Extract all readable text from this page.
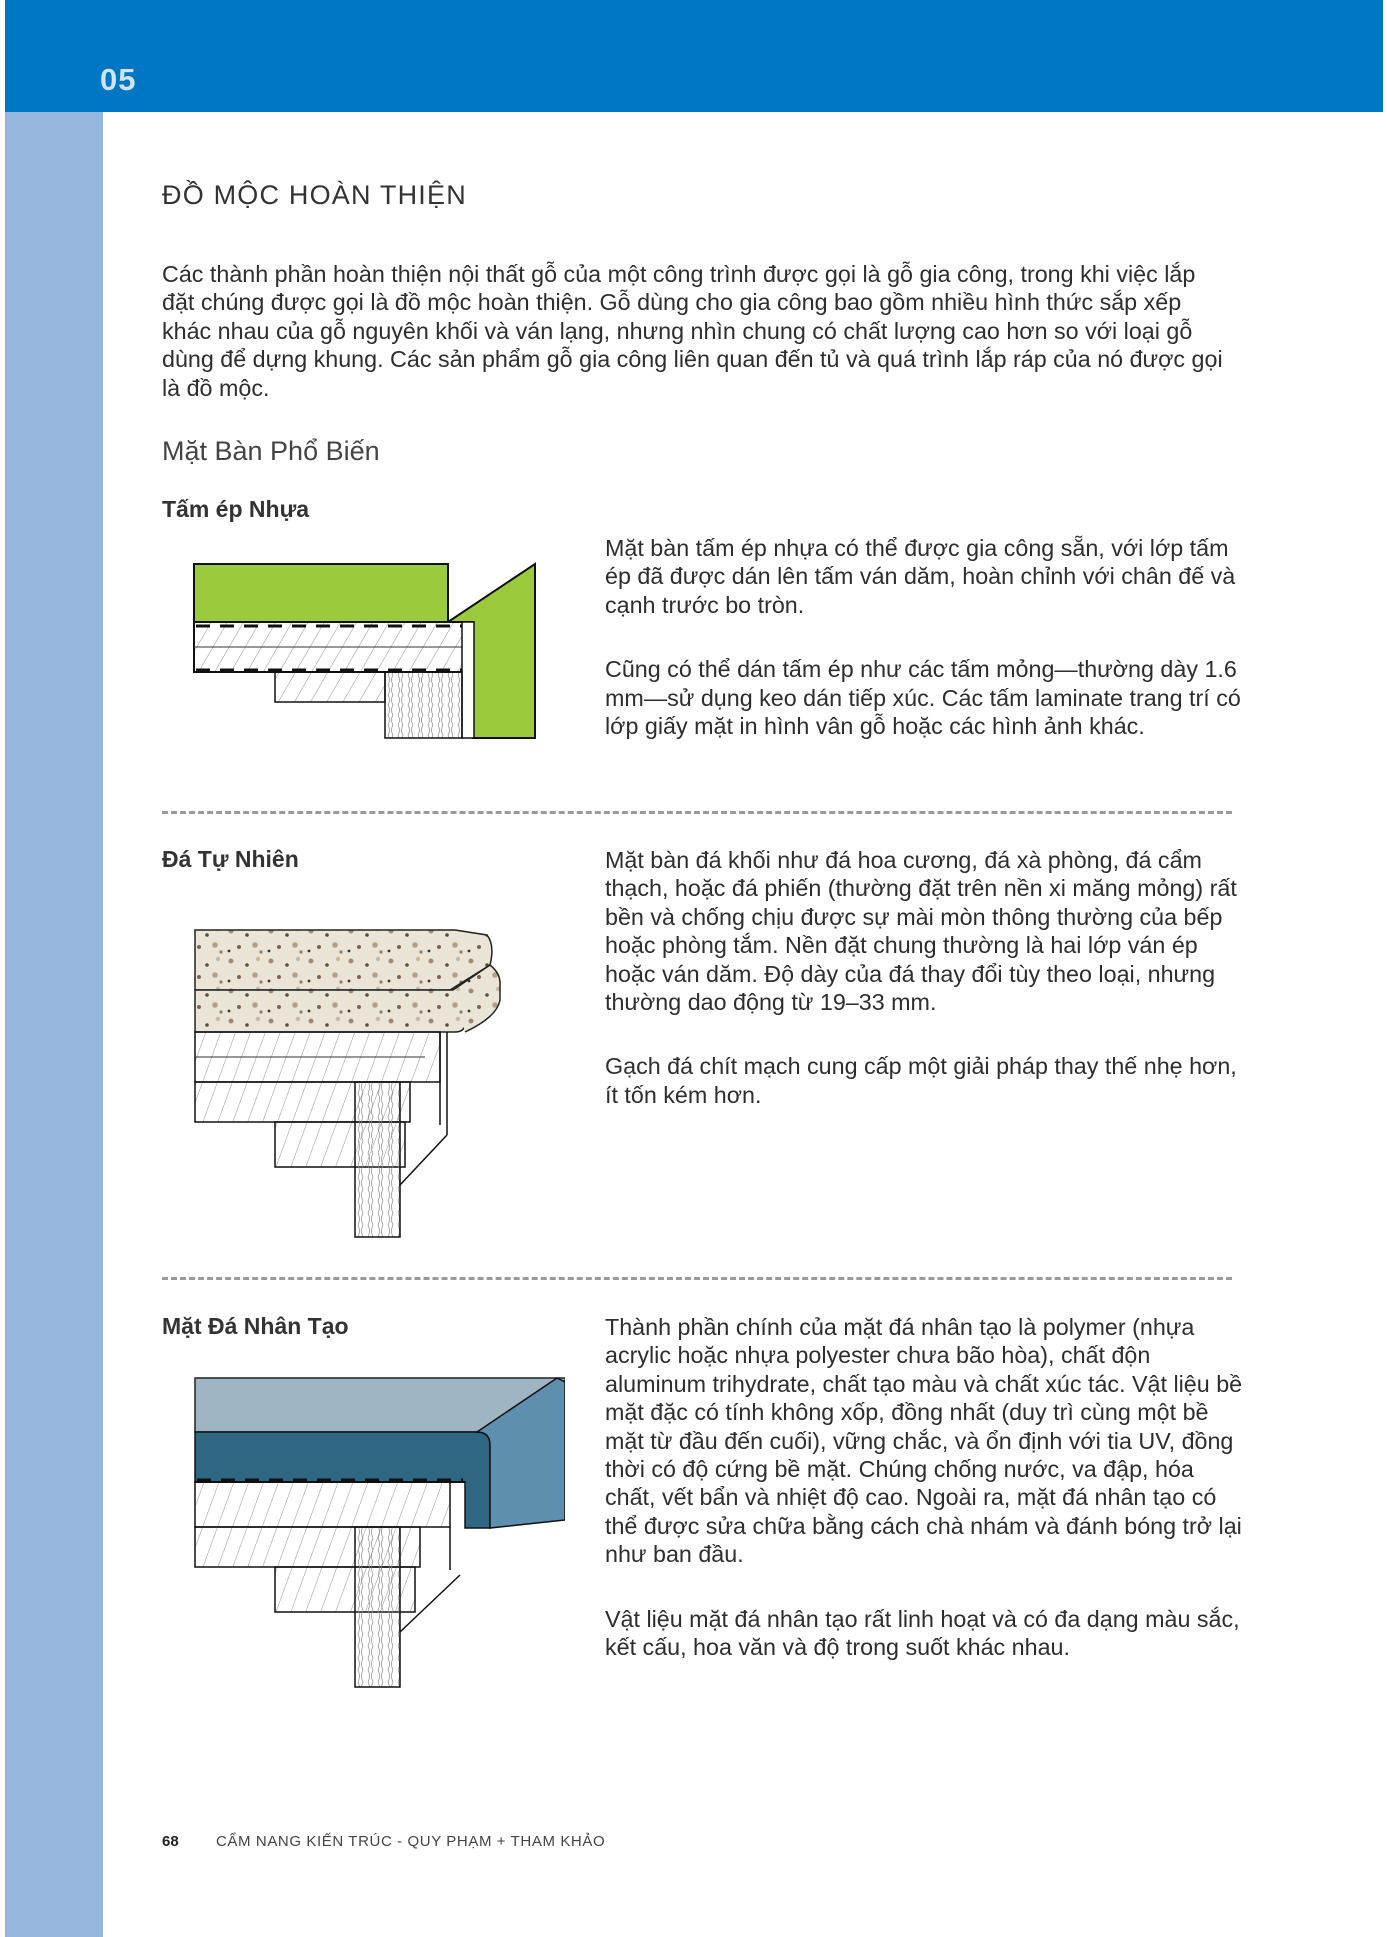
05
ĐỒ MỘC HOÀN THIỆN

Các thành phần hoàn thiện nội thất gỗ của một công trình được gọi là gỗ gia công, trong khi việc lắp đặt chúng được gọi là đồ mộc hoàn thiện. Gỗ dùng cho gia công bao gồm nhiều hình thức sắp xếp khác nhau của gỗ nguyên khối và ván lạng, nhưng nhìn chung có chất lượng cao hơn so với loại gỗ dùng để dựng khung. Các sản phẩm gỗ gia công liên quan đến tủ và quá trình lắp ráp của nó được gọi là đồ mộc.

Mặt Bàn Phổ Biến
Tấm ép Nhựa

Mặt bàn tấm ép nhựa có thể được gia công sẵn, với lớp tấm ép đã được dán lên tấm ván dăm, hoàn chỉnh với chân đế và cạnh trước bo tròn.

Cũng có thể dán tấm ép như các tấm mỏng—thường dày 1.6 mm—sử dụng keo dán tiếp xúc. Các tấm laminate trang trí có lớp giấy mặt in hình vân gỗ hoặc các hình ảnh khác.

Đá Tự Nhiên	Mặt bàn đá khối như đá hoa cương, đá xà phòng, đá cẩm thạch, hoặc đá phiến (thường đặt trên nền xi măng mỏng) rất bền và chống chịu được sự mài mòn thông thường của bếp hoặc phòng tắm. Nền đặt chung thường là hai lớp ván ép hoặc ván dăm. Độ dày của đá thay đổi tùy theo loại, nhưng thường dao động từ 19–33 mm.

Gạch đá chít mạch cung cấp một giải pháp thay thế nhẹ hơn, ít tốn kém hơn.

Mặt Đá Nhân Tạo	Thành phần chính của mặt đá nhân tạo là polymer (nhựa acrylic hoặc nhựa polyester chưa bão hòa), chất độn aluminum trihydrate, chất tạo màu và chất xúc tác. Vật liệu bề mặt đặc có tính không xốp, đồng nhất (duy trì cùng một bề mặt từ đầu đến cuối), vững chắc, và ổn định với tia UV, đồng thời có độ cứng bề mặt. Chúng chống nước, va đập, hóa chất, vết bẩn và nhiệt độ cao. Ngoài ra, mặt đá nhân tạo có thể được sửa chữa bằng cách chà nhám và đánh bóng trở lại như ban đầu.

Vật liệu mặt đá nhân tạo rất linh hoạt và có đa dạng màu sắc, kết cấu, hoa văn và độ trong suốt khác nhau.

68 CẨM NANG KIẾN TRÚC - QUY PHẠM + THAM KHẢO
